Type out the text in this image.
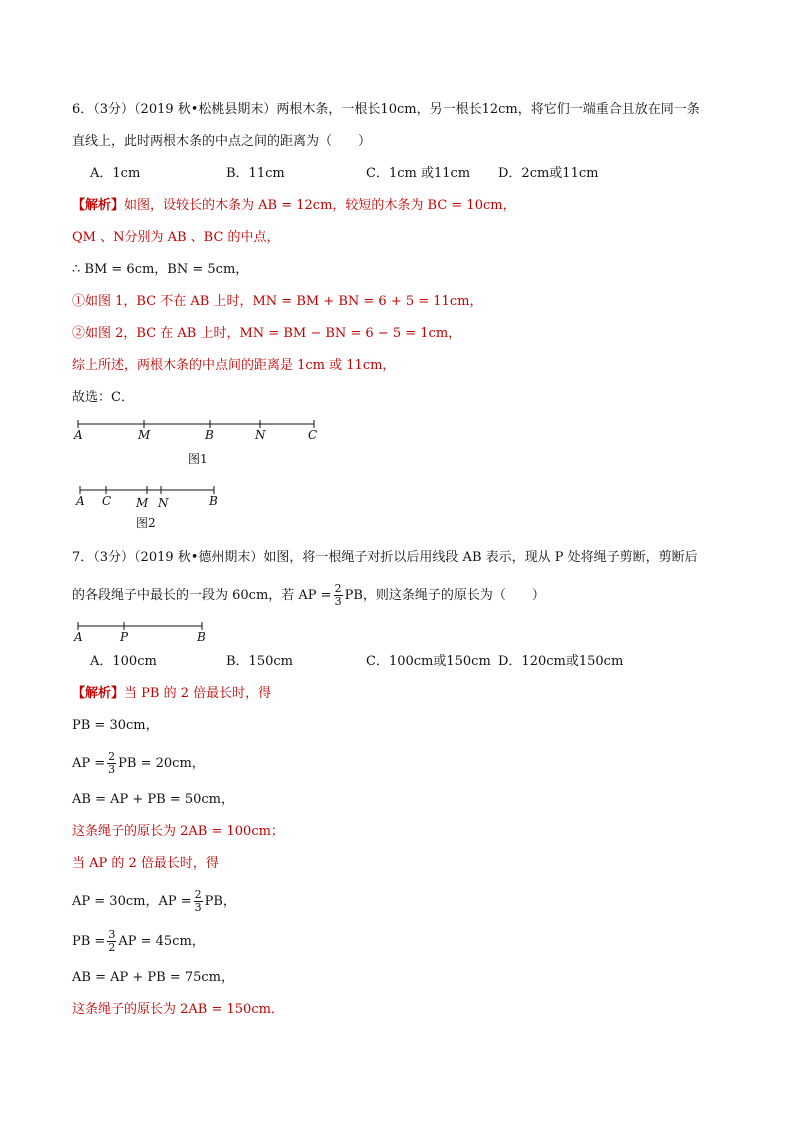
6．（3分）（2019 秋•松桃县期末）两根木条，一根长10cm，另一根长12cm，将它们一端重合且放在同一条
直线上，此时两根木条的中点之间的距离为（　　）
A．1cm	B．11cm	C．1cm 或11cm D．2cm或11cm
【解析】如图，设较长的木条为 AB = 12cm，较短的木条为 BC = 10cm，
QM 、N分别为 AB 、BC 的中点，
∴ BM = 6cm，BN = 5cm，
①如图 1，BC 不在 AB 上时，MN = BM + BN = 6 + 5 = 11cm，
②如图 2，BC 在 AB 上时，MN = BM − BN = 6 − 5 = 1cm，
综上所述，两根木条的中点间的距离是 1cm 或 11cm，
故选：C．
A	M	B	N	C
图1
A C M N	B
图2
7．（3分）（2019 秋•德州期末）如图，将一根绳子对折以后用线段 AB 表示，现从 P 处将绳子剪断，剪断后
的各段绳子中最长的一段为 60cm，若 AP = $\frac{2}{3}$ PB，则这条绳子的原长为（　　）
A	P	B
A．100cm	B．150cm	C．100cm或150cm D．120cm或150cm
【解析】当 PB 的 2 倍最长时，得
PB = 30cm，
AP = $\frac{2}{3}$ PB = 20cm，
AB = AP + PB = 50cm，
这条绳子的原长为 2AB = 100cm；
当 AP 的 2 倍最长时，得
AP = 30cm，AP = $\frac{2}{3}$ PB，
PB = $\frac{3}{2}$ AP = 45cm，
AB = AP + PB = 75cm，
这条绳子的原长为 2AB = 150cm．
